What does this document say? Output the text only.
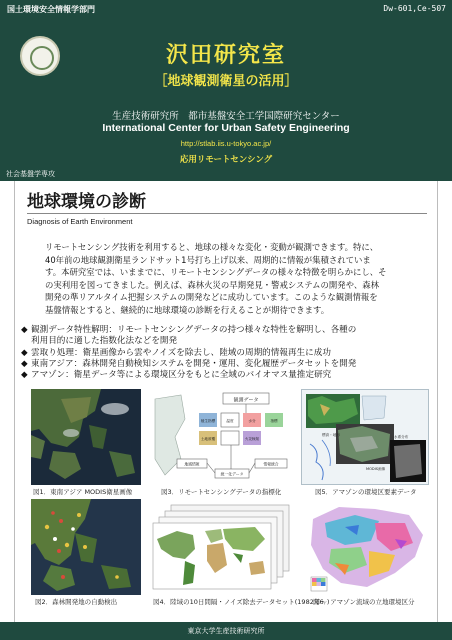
国土環境安全情報学部門	Dw-601,Ce-507
沢田研究室
［地球観測衛星の活用］
生産技術研究所　都市基盤安全工学国際研究センター
International Center for Urban Safety Engineering
http://stlab.iis.u-tokyo.ac.jp/
応用リモートセンシング
社会基盤学専攻
地球環境の診断
Diagnosis of Earth Environment
リモートセンシング技術を利用すると、地球の様々な変化・変動が観測できます。特に、
40年前の地球観測衛星ランドサット1号打ち上げ以来、周期的に情報が集積されていま
す。本研究室では、いままでに、リモートセンシングデータの様々な特徴を明らかにし、そ
の実利用を図ってきました。例えば、森林火災の早期発見・警戒システムの開発や、森林
開発の準リアルタイム把握システムの開発などに成功しています。このような観測情報を
基盤情報とすると、継続的に地球環境の診断を行えることが期待できます。
◆ 観測データ特性解明：リモートセンシングデータの持つ様々な特性を解明し、各種の
利用目的に適した指数化法などを開発
◆ 雲取り処理：衛星画像から雲やノイズを除去し、陸域の周期的情報再生に成功
◆ 東南アジア：森林開発自動検知システムを開発・運用、変化履歴データセットを開発
◆ アマゾン：衛星データ等による環境区分をもとに全域のバイオマス量推定研究
図1．東南アジア MODIS衛星画像
観測データ
植生指標	温度	水分	指標
土地被覆	火災検知
地域情報
統一化データ
情報統合
図3．リモートセンシングデータの指標化
標高・地形
MODIS画像
水系分布
図5．アマゾンの環境区要素データ
図2．森林開発地の自動検出	図4．陸域の10日間隔・ノイズ除去データセット(1982年～)
図6．アマゾン流域の立地環境区分
東京大学生産技術研究所
